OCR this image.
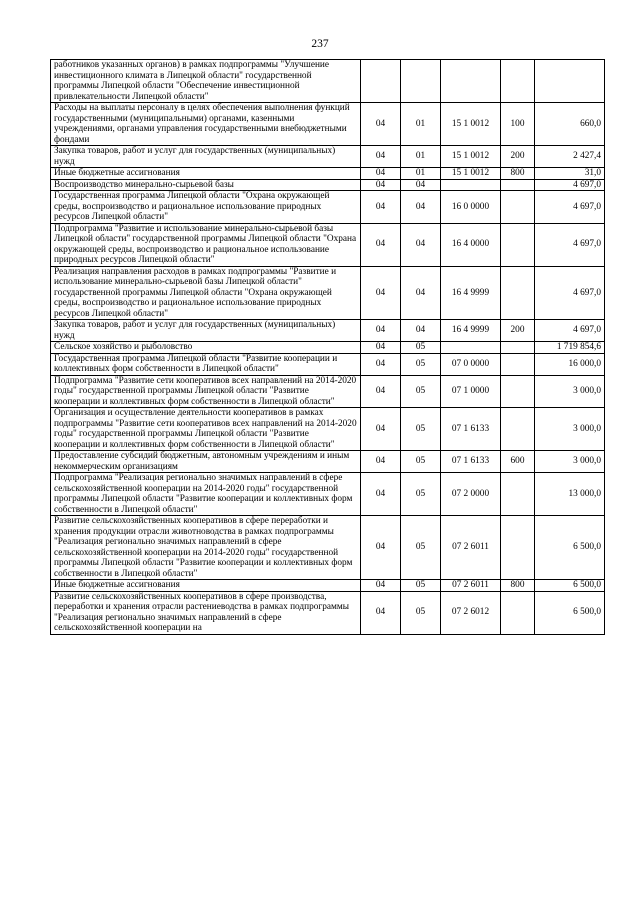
237
работников указанных органов) в рамках подпрограммы "Улучшение инвестиционного климата в Липецкой области" государственной программы Липецкой области "Обеспечение инвестиционной привлекательности Липецкой области"					
Расходы на выплаты персоналу в целях обеспечения выполнения функций государственными (муниципальными) органами, казенными учреждениями, органами управления государственными внебюджетными фондами	04	01	15 1 0012	100	660,0
Закупка товаров, работ и услуг для государственных (муниципальных) нужд	04	01	15 1 0012	200	2 427,4
Иные бюджетные ассигнования	04	01	15 1 0012	800	31,0
Воспроизводство минерально-сырьевой базы	04	04			4 697,0
Государственная программа Липецкой области "Охрана окружающей среды, воспроизводство и рациональное использование природных ресурсов Липецкой области"	04	04	16 0 0000		4 697,0
Подпрограмма "Развитие и использование минерально-сырьевой базы Липецкой области" государственной программы Липецкой области "Охрана окружающей среды, воспроизводство и рациональное использование природных ресурсов Липецкой области"	04	04	16 4 0000		4 697,0
Реализация направления расходов в рамках подпрограммы "Развитие и использование минерально-сырьевой базы Липецкой области" государственной программы Липецкой области "Охрана окружающей среды, воспроизводство и рациональное использование природных ресурсов Липецкой области"	04	04	16 4 9999		4 697,0
Закупка товаров, работ и услуг для государственных (муниципальных) нужд	04	04	16 4 9999	200	4 697,0
Сельское хозяйство и рыболовство	04	05			1 719 854,6
Государственная программа Липецкой области "Развитие кооперации и коллективных форм собственности в Липецкой области"	04	05	07 0 0000		16 000,0
Подпрограмма "Развитие сети кооперативов всех направлений на 2014-2020 годы" государственной программы Липецкой области "Развитие кооперации и коллективных форм собственности в Липецкой области"	04	05	07 1 0000		3 000,0
Организация и осуществление деятельности кооперативов в рамках подпрограммы "Развитие сети кооперативов всех направлений на 2014-2020 годы" государственной программы Липецкой области "Развитие кооперации и коллективных форм собственности в Липецкой области"	04	05	07 1 6133		3 000,0
Предоставление субсидий бюджетным, автономным учреждениям и иным некоммерческим организациям	04	05	07 1 6133	600	3 000,0
Подпрограмма "Реализация регионально значимых направлений в сфере сельскохозяйственной кооперации на 2014-2020 годы" государственной программы Липецкой области "Развитие кооперации и коллективных форм собственности в Липецкой области"	04	05	07 2 0000		13 000,0
Развитие сельскохозяйственных кооперативов в сфере переработки и хранения продукции отрасли животноводства в рамках подпрограммы "Реализация регионально значимых направлений в сфере сельскохозяйственной кооперации на 2014-2020 годы" государственной программы Липецкой области "Развитие кооперации и коллективных форм собственности в Липецкой области"	04	05	07 2 6011		6 500,0
Иные бюджетные ассигнования	04	05	07 2 6011	800	6 500,0
Развитие сельскохозяйственных кооперативов в сфере производства, переработки и хранения отрасли растениеводства в рамках подпрограммы "Реализация регионально значимых направлений в сфере сельскохозяйственной кооперации на	04	05	07 2 6012		6 500,0
